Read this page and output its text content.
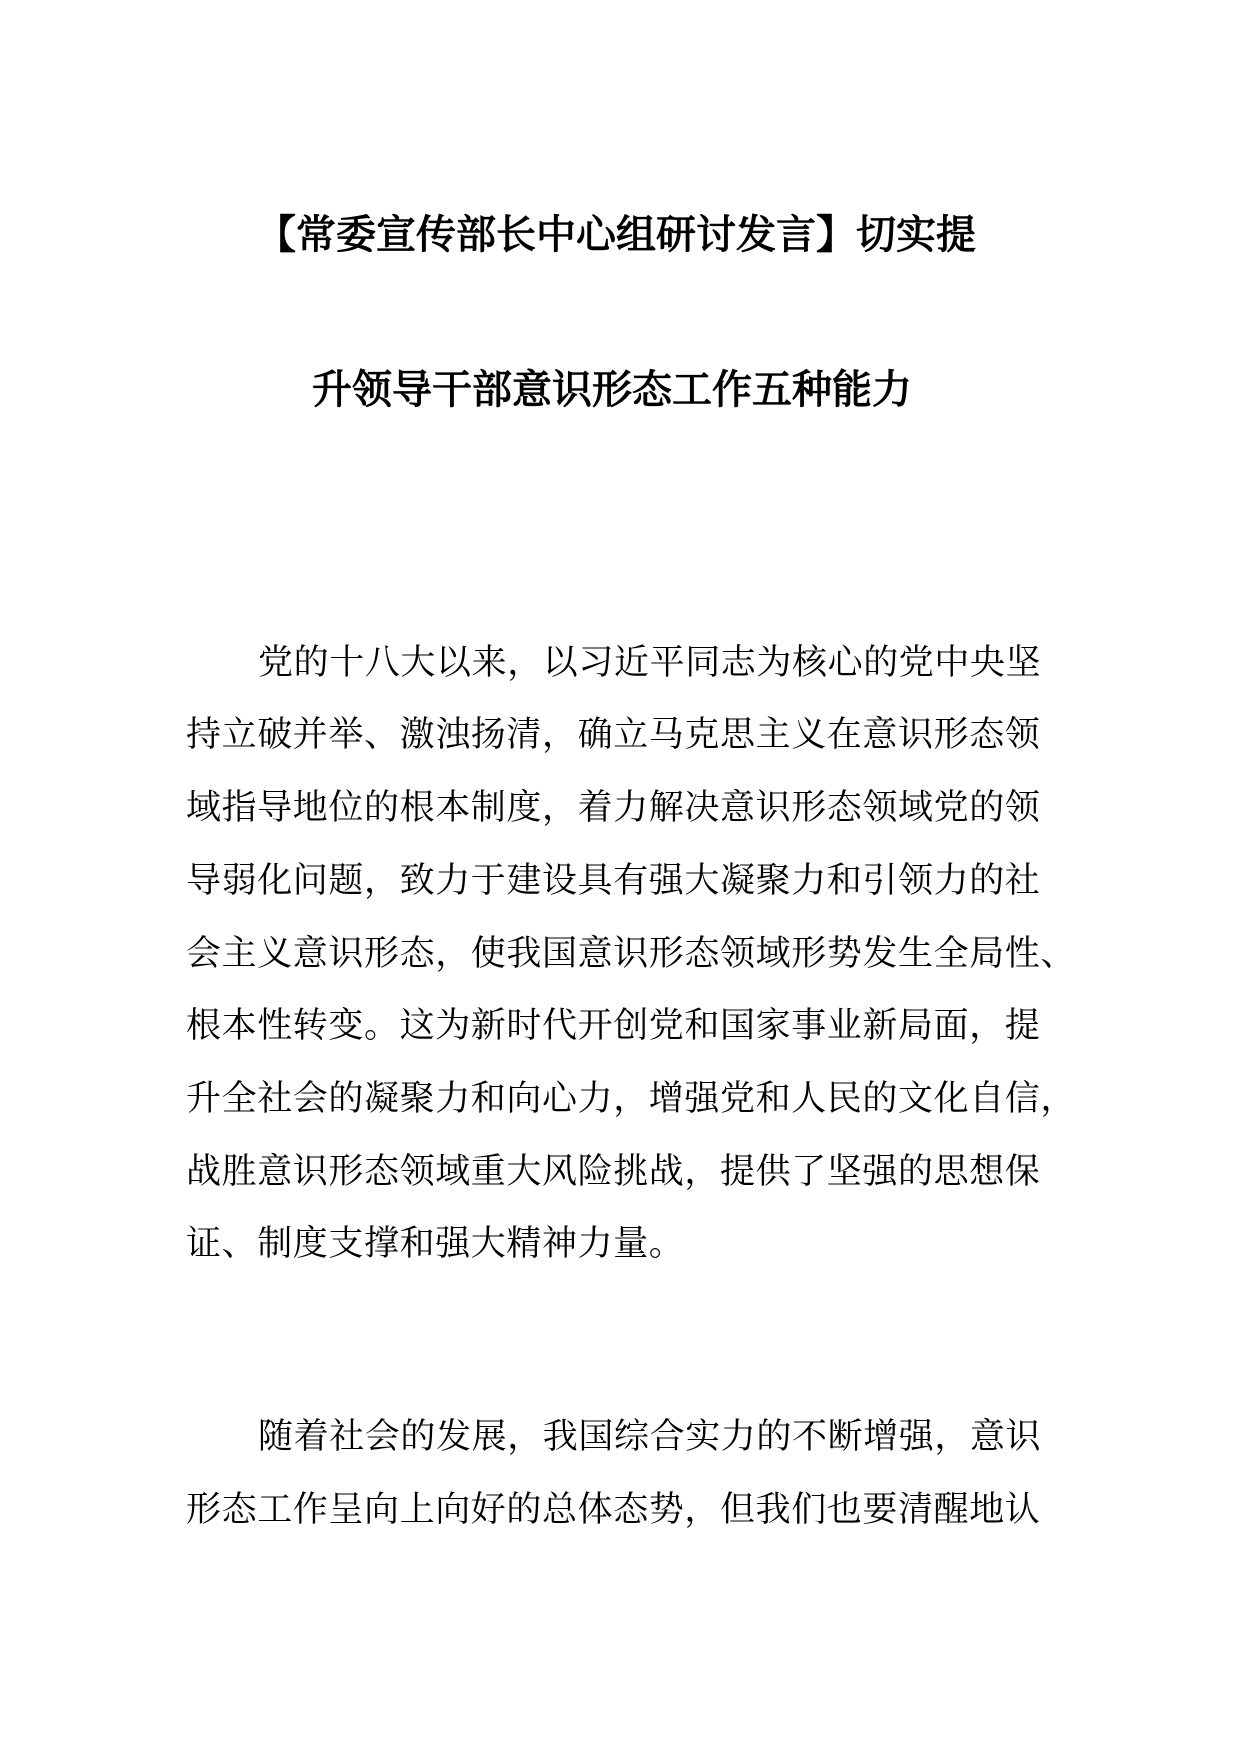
【常委宣传部长中心组研讨发言】切实提
升领导干部意识形态工作五种能力
党的十八大以来，以习近平同志为核心的党中央坚
持立破并举、激浊扬清，确立马克思主义在意识形态领
域指导地位的根本制度，着力解决意识形态领域党的领
导弱化问题，致力于建设具有强大凝聚力和引领力的社
会主义意识形态，使我国意识形态领域形势发生全局性、
根本性转变。这为新时代开创党和国家事业新局面，提
升全社会的凝聚力和向心力，增强党和人民的文化自信，
战胜意识形态领域重大风险挑战，提供了坚强的思想保
证、制度支撑和强大精神力量。
随着社会的发展，我国综合实力的不断增强，意识
形态工作呈向上向好的总体态势，但我们也要清醒地认
